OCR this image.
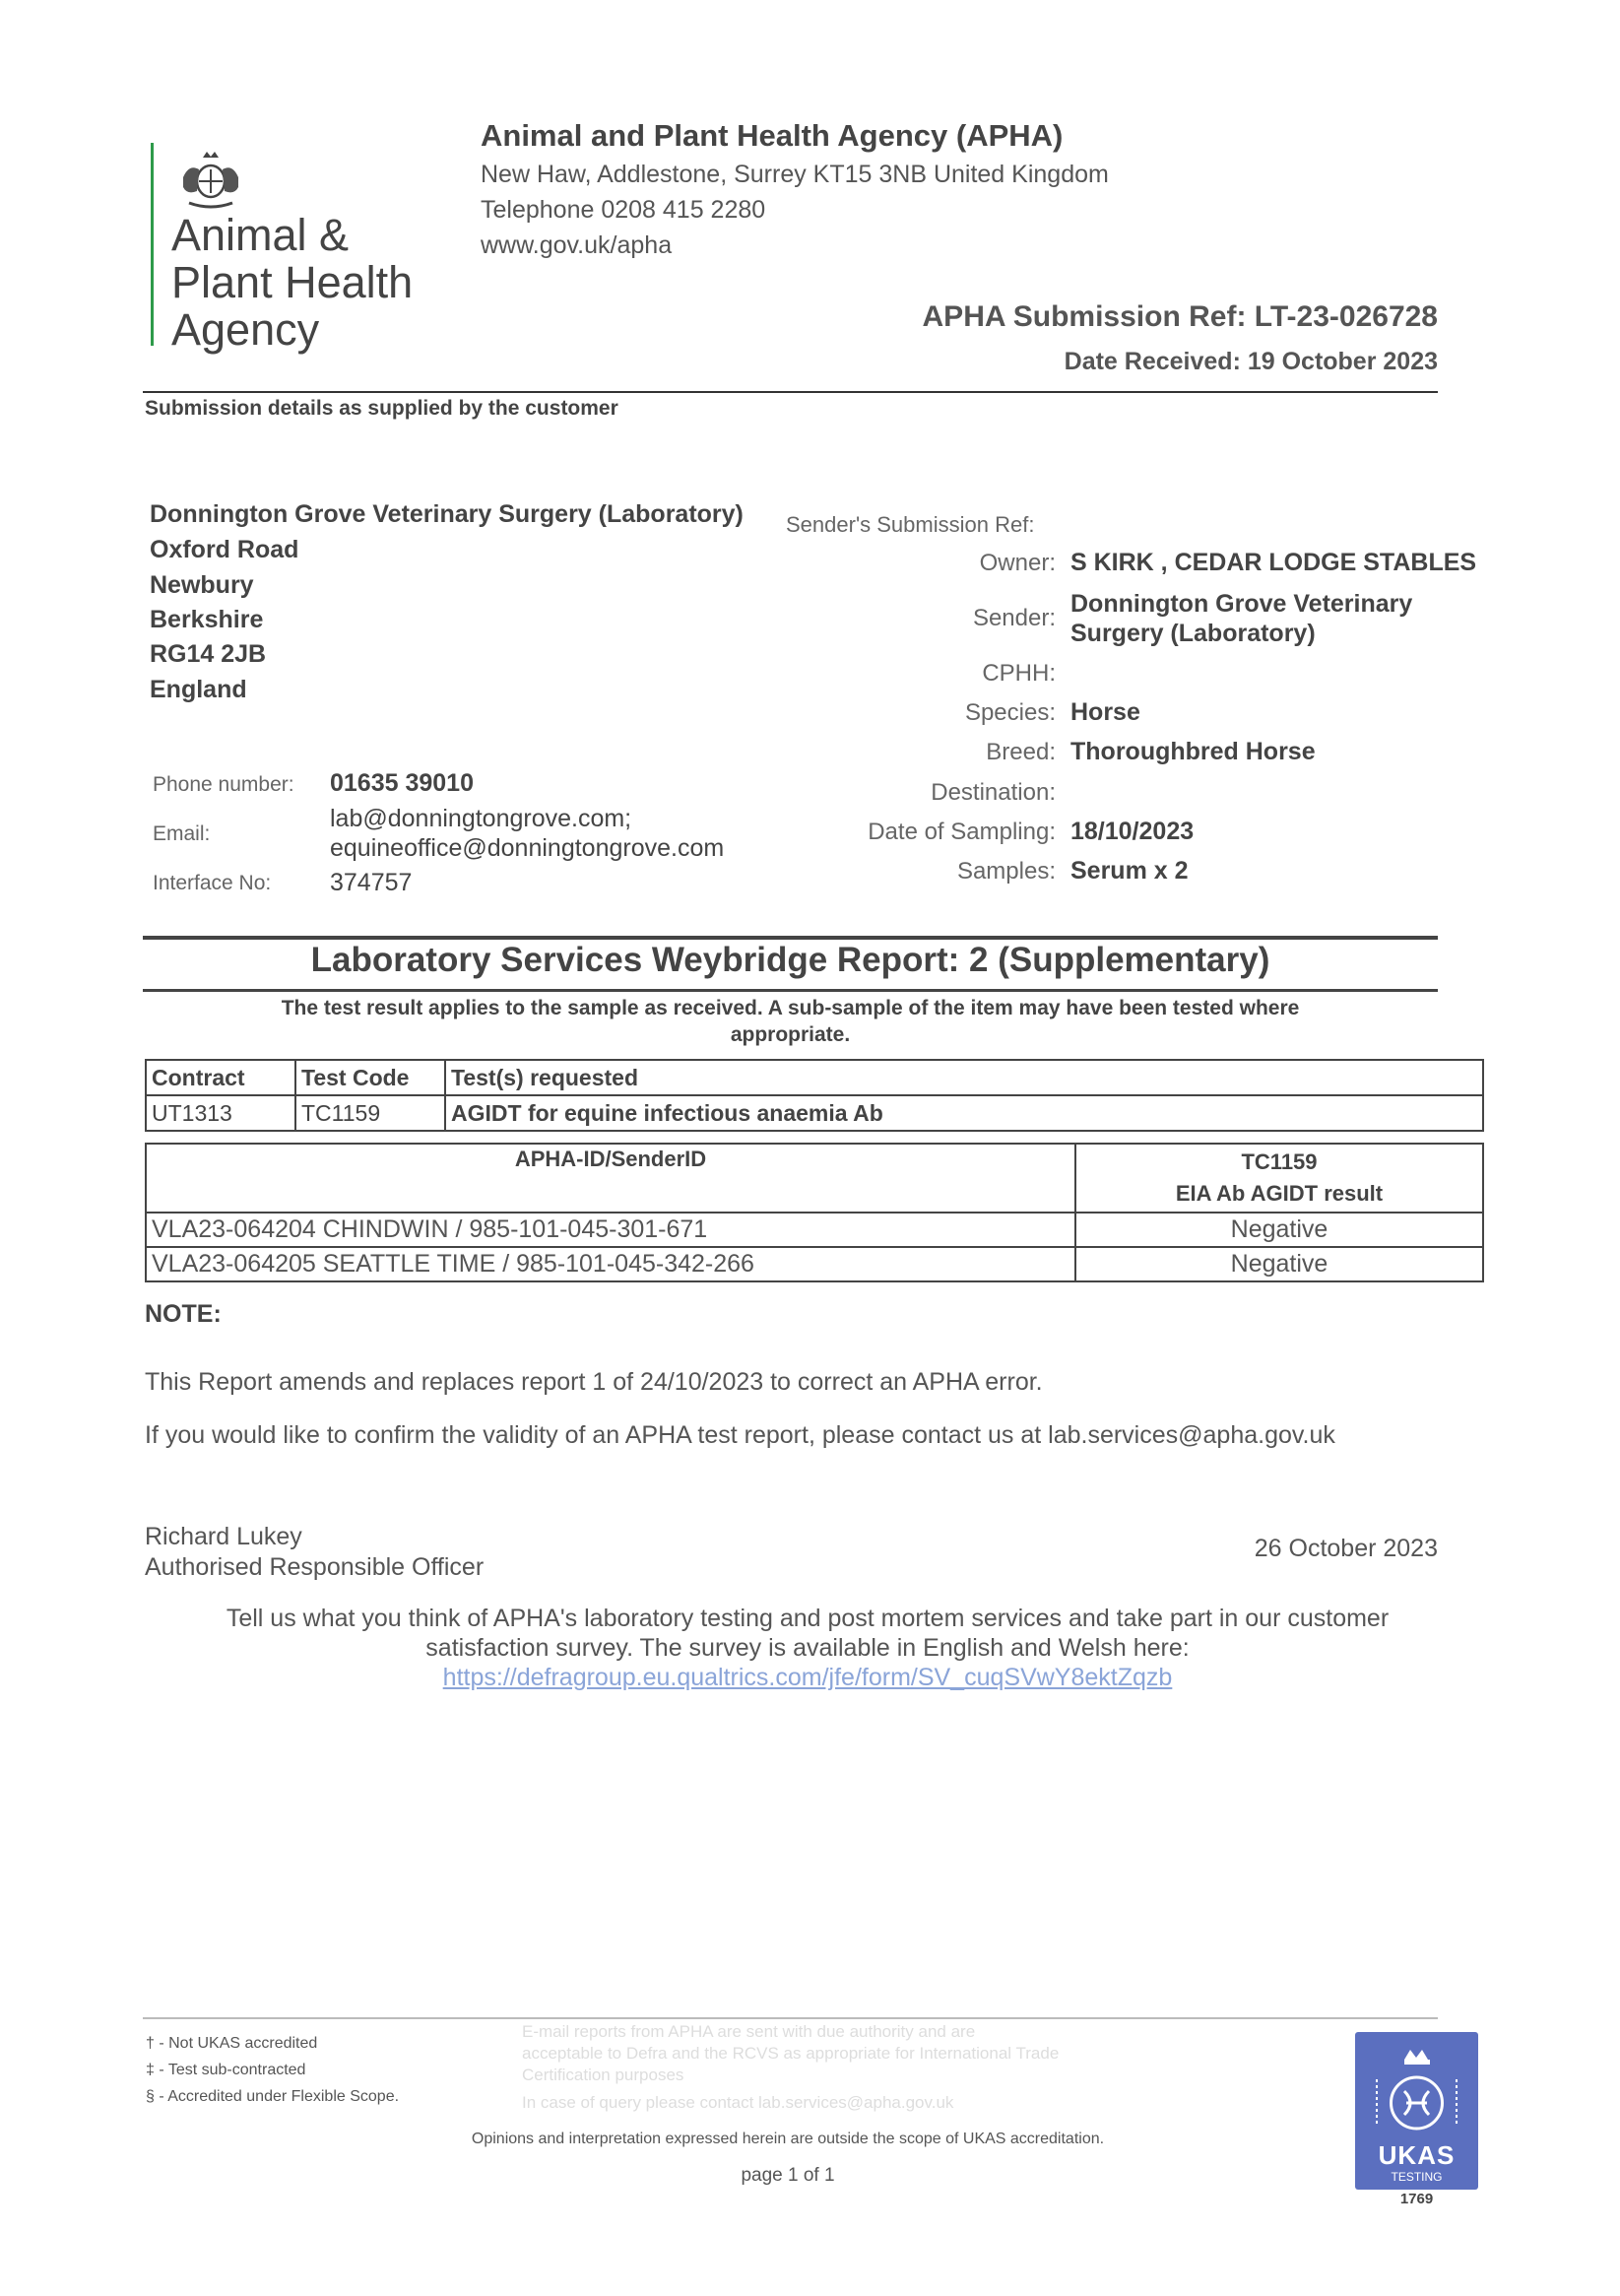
Animal &
Plant Health
Agency
Animal and Plant Health Agency (APHA)
New Haw, Addlestone, Surrey KT15 3NB United Kingdom
Telephone 0208 415 2280
www.gov.uk/apha
APHA Submission Ref: LT-23-026728
Date Received: 19 October 2023
Submission details as supplied by the customer
Donnington Grove Veterinary Surgery (Laboratory)
Oxford Road
Newbury
Berkshire
RG14 2JB
England
Sender's Submission Ref:
Owner: S KIRK , CEDAR LODGE STABLES
Sender:
Donnington Grove Veterinary
Surgery (Laboratory)
CPHH:
Species: Horse
Breed: Thoroughbred Horse
Destination:
Date of Sampling: 18/10/2023
Samples: Serum x 2
Phone number: 01635 39010
Email:
lab@donningtongrove.com;
equineoffice@donningtongrove.com
Interface No: 374757
Laboratory Services Weybridge Report: 2 (Supplementary)
The test result applies to the sample as received. A sub-sample of the item may have been tested where
appropriate.
Contract	Test Code	Test(s) requested
UT1313	TC1159	AGIDT for equine infectious anaemia Ab
APHA-ID/SenderID	TC1159
EIA Ab AGIDT result

VLA23-064204 CHINDWIN / 985-101-045-301-671	Negative
VLA23-064205 SEATTLE TIME / 985-101-045-342-266	Negative
NOTE:
This Report amends and replaces report 1 of 24/10/2023 to correct an APHA error.
If you would like to confirm the validity of an APHA test report, please contact us at lab.services@apha.gov.uk
Richard Lukey
Authorised Responsible Officer
26 October 2023
Tell us what you think of APHA's laboratory testing and post mortem services and take part in our customer
satisfaction survey. The survey is available in English and Welsh here:
https://defragroup.eu.qualtrics.com/jfe/form/SV_cuqSVwY8ektZqzb
† - Not UKAS accredited
‡ - Test sub-contracted
§ - Accredited under Flexible Scope.
E-mail reports from APHA are sent with due authority and are
acceptable to Defra and the RCVS as appropriate for International Trade
Certification purposes
In case of query please contact lab.services@apha.gov.uk
Opinions and interpretation expressed herein are outside the scope of UKAS accreditation.
page 1 of 1
UKAS
TESTING
1769
